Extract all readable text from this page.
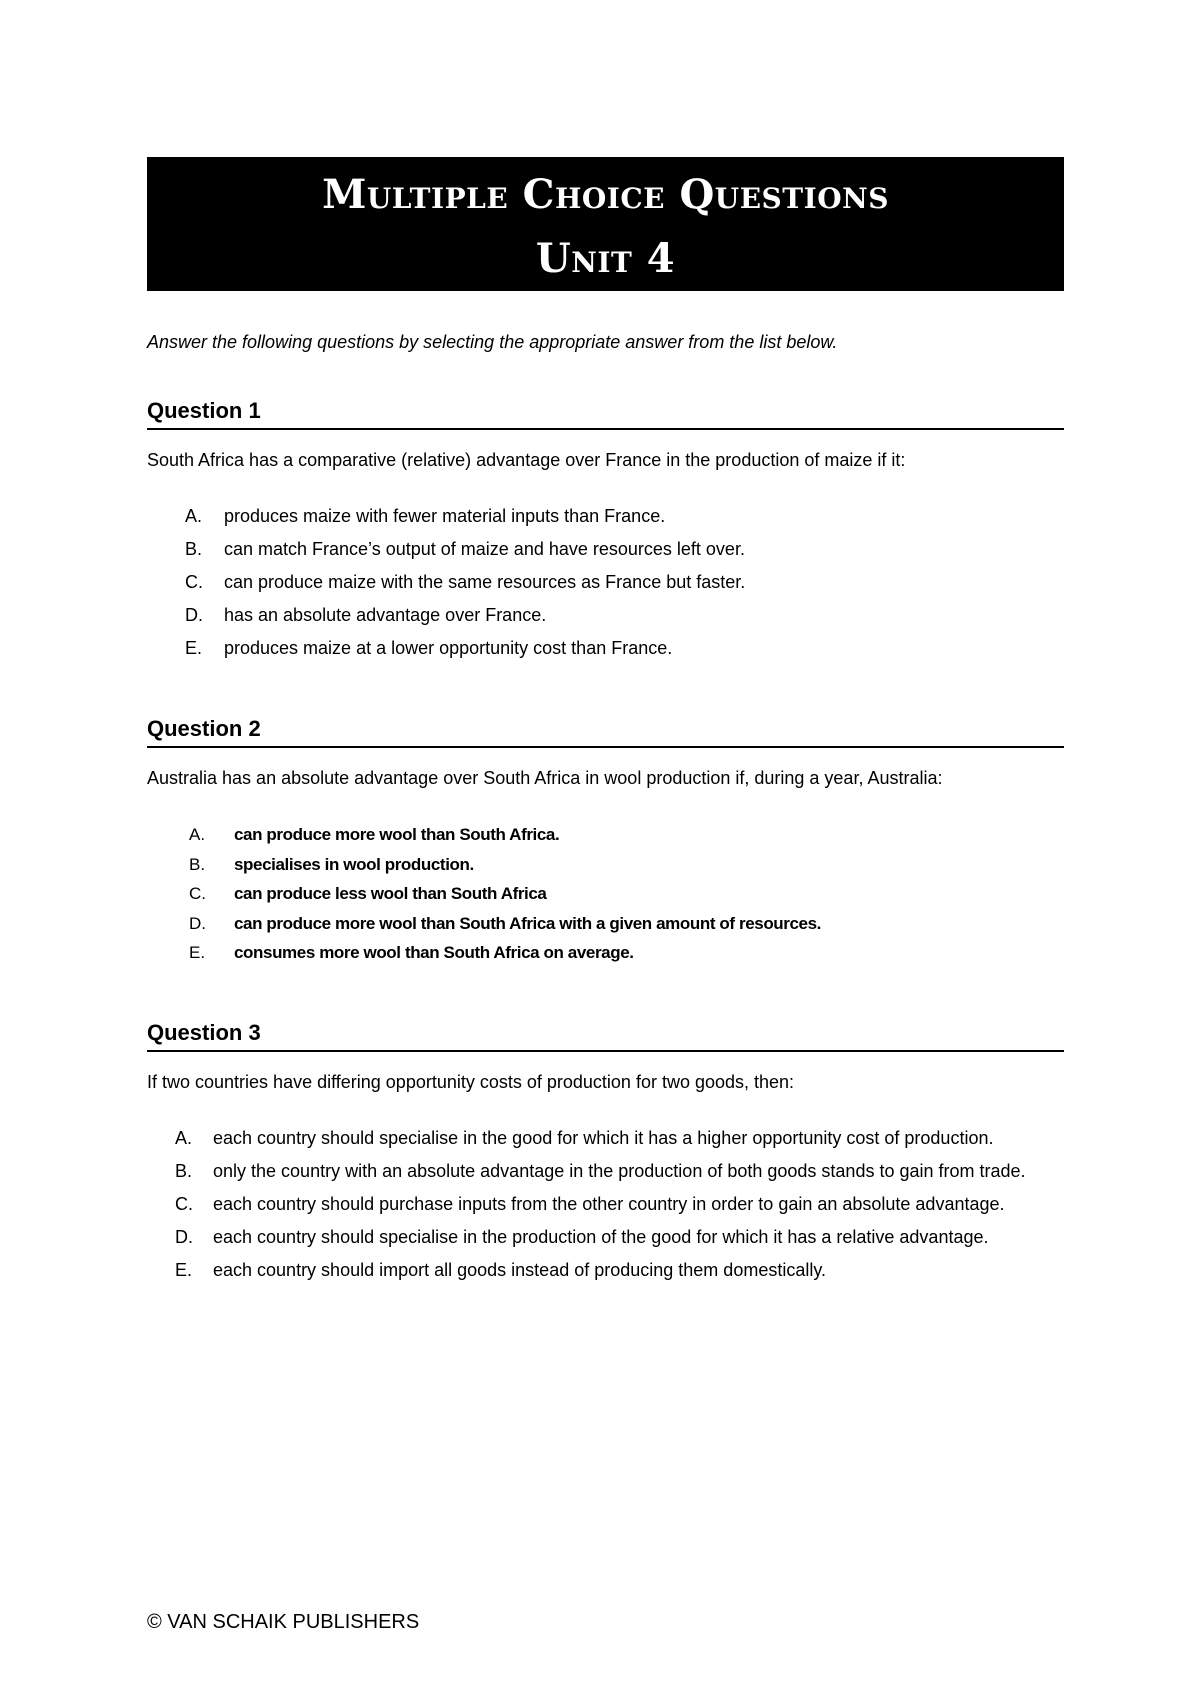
Multiple Choice Questions
Unit 4
Answer the following questions by selecting the appropriate answer from the list below.
Question 1
South Africa has a comparative (relative) advantage over France in the production of maize if it:
A.	produces maize with fewer material inputs than France.
B.	can match France’s output of maize and have resources left over.
C.	can produce maize with the same resources as France but faster.
D.	has an absolute advantage over France.
E.	produces maize at a lower opportunity cost than France.
Question 2
Australia has an absolute advantage over South Africa in wool production if, during a year, Australia:
A.	can produce more wool than South Africa.
B.	specialises in wool production.
C.	can produce less wool than South Africa
D.	can produce more wool than South Africa with a given amount of resources.
E.	consumes more wool than South Africa on average.
Question 3
If two countries have differing opportunity costs of production for two goods, then:
A.	each country should specialise in the good for which it has a higher opportunity cost of production.
B.	only the country with an absolute advantage in the production of both goods stands to gain from trade.
C.	each country should purchase inputs from the other country in order to gain an absolute advantage.
D.	each country should specialise in the production of the good for which it has a relative advantage.
E.	each country should import all goods instead of producing them domestically.
© VAN SCHAIK PUBLISHERS
